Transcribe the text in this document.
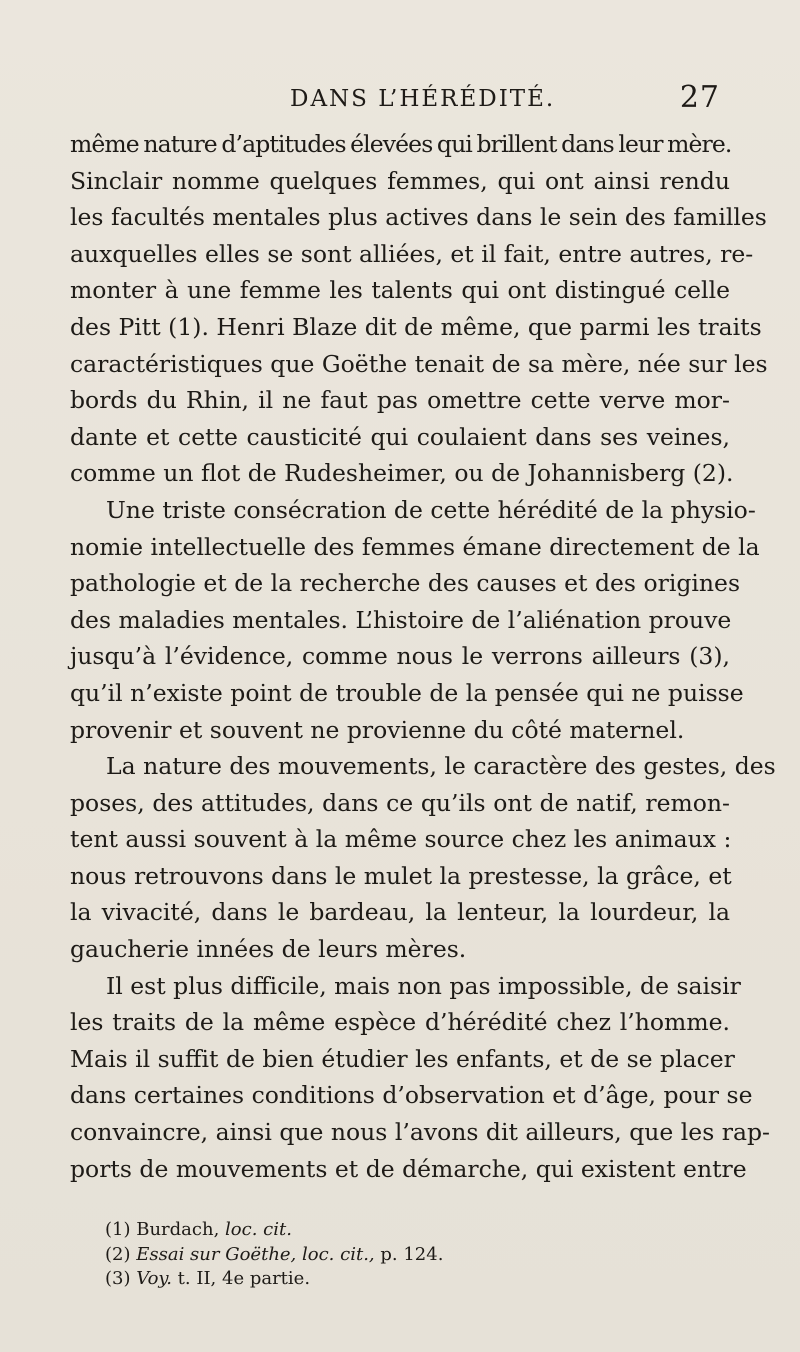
DANS L’HÉRÉDITÉ.	27
même nature d’aptitudes élevées qui brillent dans leur mère.
Sinclair nomme quelques femmes, qui ont ainsi rendu
les facultés mentales plus actives dans le sein des familles
auxquelles elles se sont alliées, et il fait, entre autres, re-
monter à une femme les talents qui ont distingué celle
des Pitt (1). Henri Blaze dit de même, que parmi les traits
caractéristiques que Goëthe tenait de sa mère, née sur les
bords du Rhin, il ne faut pas omettre cette verve mor-
dante et cette causticité qui coulaient dans ses veines,
comme un flot de Rudesheimer, ou de Johannisberg (2).
Une triste consécration de cette hérédité de la physio-
nomie intellectuelle des femmes émane directement de la
pathologie et de la recherche des causes et des origines
des maladies mentales. L’histoire de l’aliénation prouve
jusqu’à l’évidence, comme nous le verrons ailleurs (3),
qu’il n’existe point de trouble de la pensée qui ne puisse
provenir et souvent ne provienne du côté maternel.
La nature des mouvements, le caractère des gestes, des
poses, des attitudes, dans ce qu’ils ont de natif, remon-
tent aussi souvent à la même source chez les animaux :
nous retrouvons dans le mulet la prestesse, la grâce, et
la vivacité, dans le bardeau, la lenteur, la lourdeur, la
gaucherie innées de leurs mères.
Il est plus difficile, mais non pas impossible, de saisir
les traits de la même espèce d’hérédité chez l’homme.
Mais il suffit de bien étudier les enfants, et de se placer
dans certaines conditions d’observation et d’âge, pour se
convaincre, ainsi que nous l’avons dit ailleurs, que les rap-
ports de mouvements et de démarche, qui existent entre
(1) Burdach, loc. cit.
(2) Essai sur Goëthe, loc. cit., p. 124.
(3) Voy. t. II, 4e partie.
